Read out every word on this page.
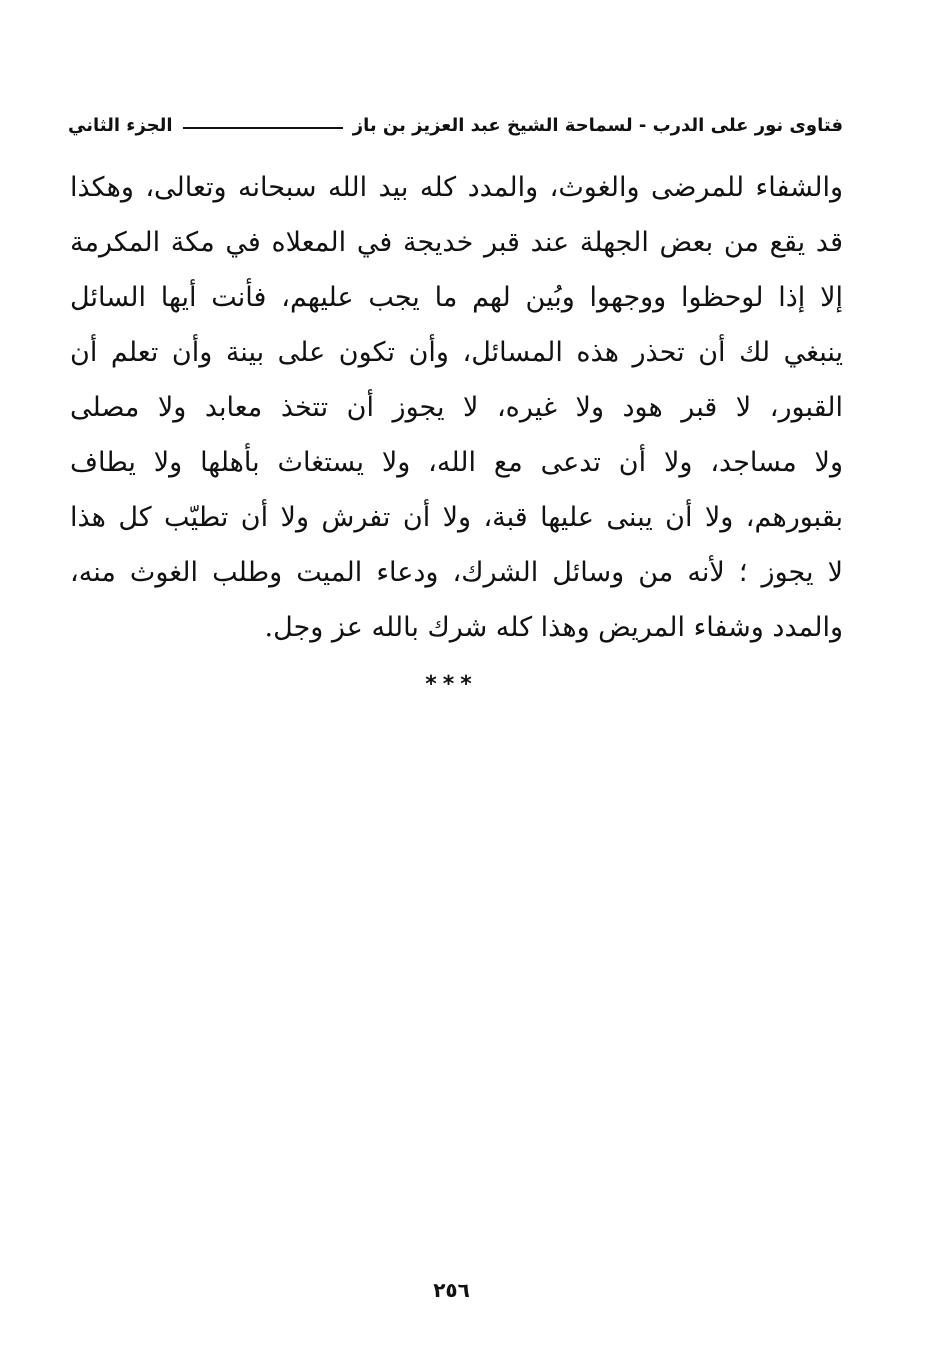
فتاوى نور على الدرب - لسماحة الشيخ عبد العزيز بن باز
الجزء الثاني
والشفاء للمرضى والغوث، والمدد كله بيد الله سبحانه وتعالى، وهكذا
قد يقع من بعض الجهلة عند قبر خديجة في المعلاه في مكة المكرمة
إلا إذا لوحظوا ووجهوا وبُين لهم ما يجب عليهم، فأنت أيها السائل
ينبغي لك أن تحذر هذه المسائل، وأن تكون على بينة وأن تعلم أن
القبور، لا قبر هود ولا غيره، لا يجوز أن تتخذ معابد ولا مصلى
ولا مساجد، ولا أن تدعى مع الله، ولا يستغاث بأهلها ولا يطاف
بقبورهم، ولا أن يبنى عليها قبة، ولا أن تفرش ولا أن تطيّب كل هذا
لا يجوز ؛ لأنه من وسائل الشرك، ودعاء الميت وطلب الغوث منه،
والمدد وشفاء المريض وهذا كله شرك بالله عز وجل.
***
٢٥٦
